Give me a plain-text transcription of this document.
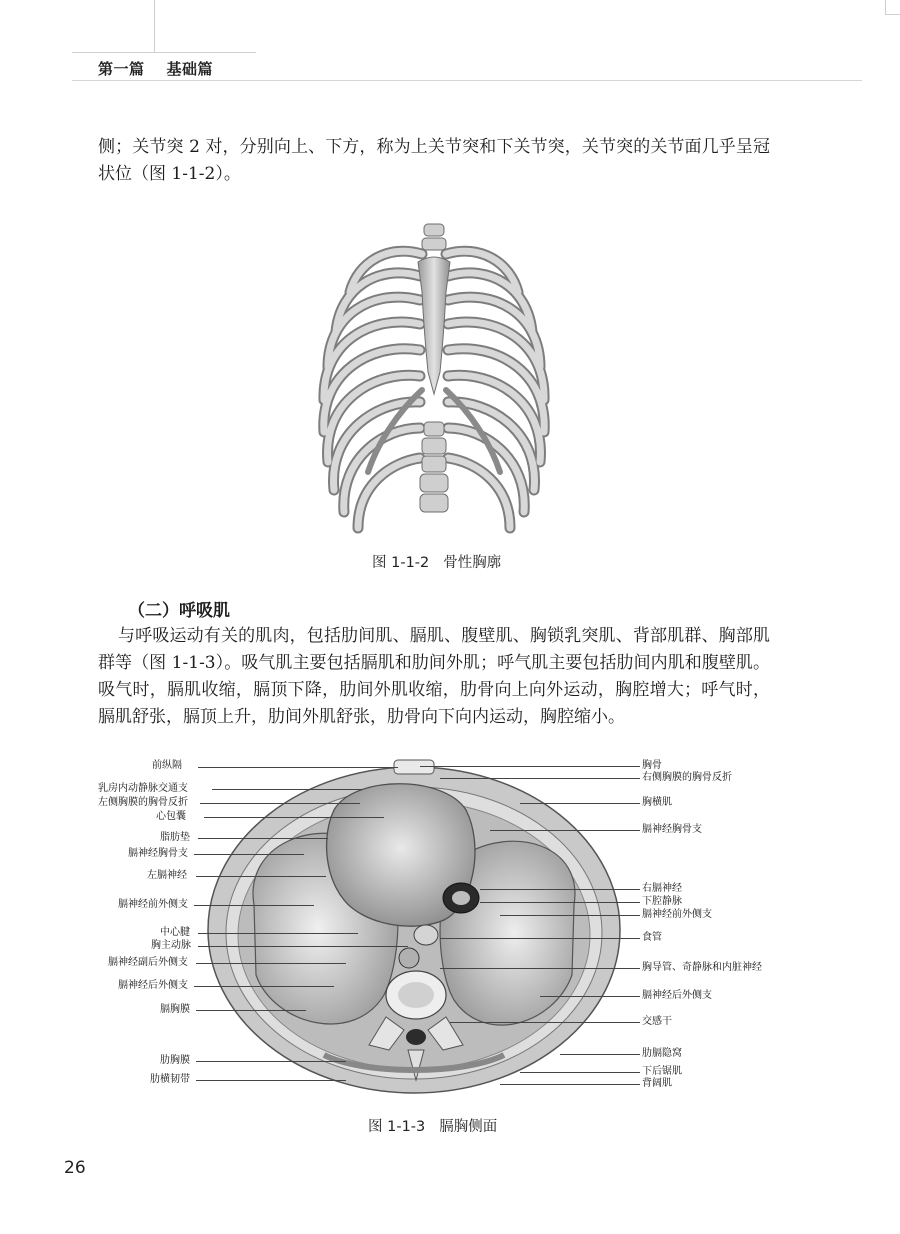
第一篇 基础篇
侧；关节突 2 对，分别向上、下方，称为上关节突和下关节突，关节突的关节面几乎呈冠状位（图 1-1-2）。
图 1-1-2 骨性胸廓
（二）呼吸肌
与呼吸运动有关的肌肉，包括肋间肌、膈肌、腹壁肌、胸锁乳突肌、背部肌群、胸部肌群等（图 1-1-3）。吸气肌主要包括膈肌和肋间外肌；呼气肌主要包括肋间内肌和腹壁肌。吸气时，膈肌收缩，膈顶下降，肋间外肌收缩，肋骨向上向外运动，胸腔增大；呼气时，膈肌舒张，膈顶上升，肋间外肌舒张，肋骨向下向内运动，胸腔缩小。
前纵隔
乳房内动静脉交通支
左侧胸膜的胸骨反折
心包囊
脂肪垫
膈神经胸骨支
左膈神经
膈神经前外侧支
中心腱
胸主动脉
膈神经副后外侧支
膈神经后外侧支
膈胸膜
肋胸膜
肋横韧带
胸骨
右侧胸膜的胸骨反折
胸横肌
膈神经胸骨支
右膈神经
下腔静脉
膈神经前外侧支
食管
胸导管、奇静脉和内脏神经
膈神经后外侧支
交感干
肋膈隐窝
下后锯肌
背阔肌
图 1-1-3 膈胸侧面
26
